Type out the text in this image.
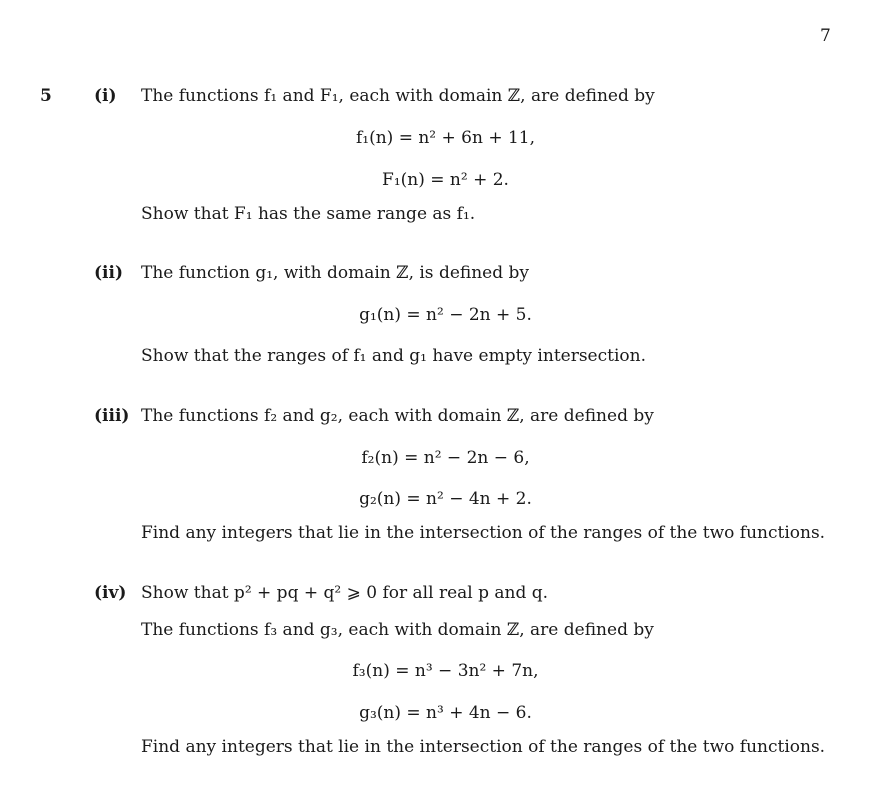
7
5 (i) The functions f₁ and F₁, each with domain ℤ, are defined by
f₁(n) = n² + 6n + 11,
F₁(n) = n² + 2.
Show that F₁ has the same range as f₁.
(ii) The function g₁, with domain ℤ, is defined by
g₁(n) = n² − 2n + 5.
Show that the ranges of f₁ and g₁ have empty intersection.
(iii) The functions f₂ and g₂, each with domain ℤ, are defined by
f₂(n) = n² − 2n − 6,
g₂(n) = n² − 4n + 2.
Find any integers that lie in the intersection of the ranges of the two functions.
(iv) Show that p² + pq + q² ⩾ 0 for all real p and q.
The functions f₃ and g₃, each with domain ℤ, are defined by
f₃(n) = n³ − 3n² + 7n,
g₃(n) = n³ + 4n − 6.
Find any integers that lie in the intersection of the ranges of the two functions.
